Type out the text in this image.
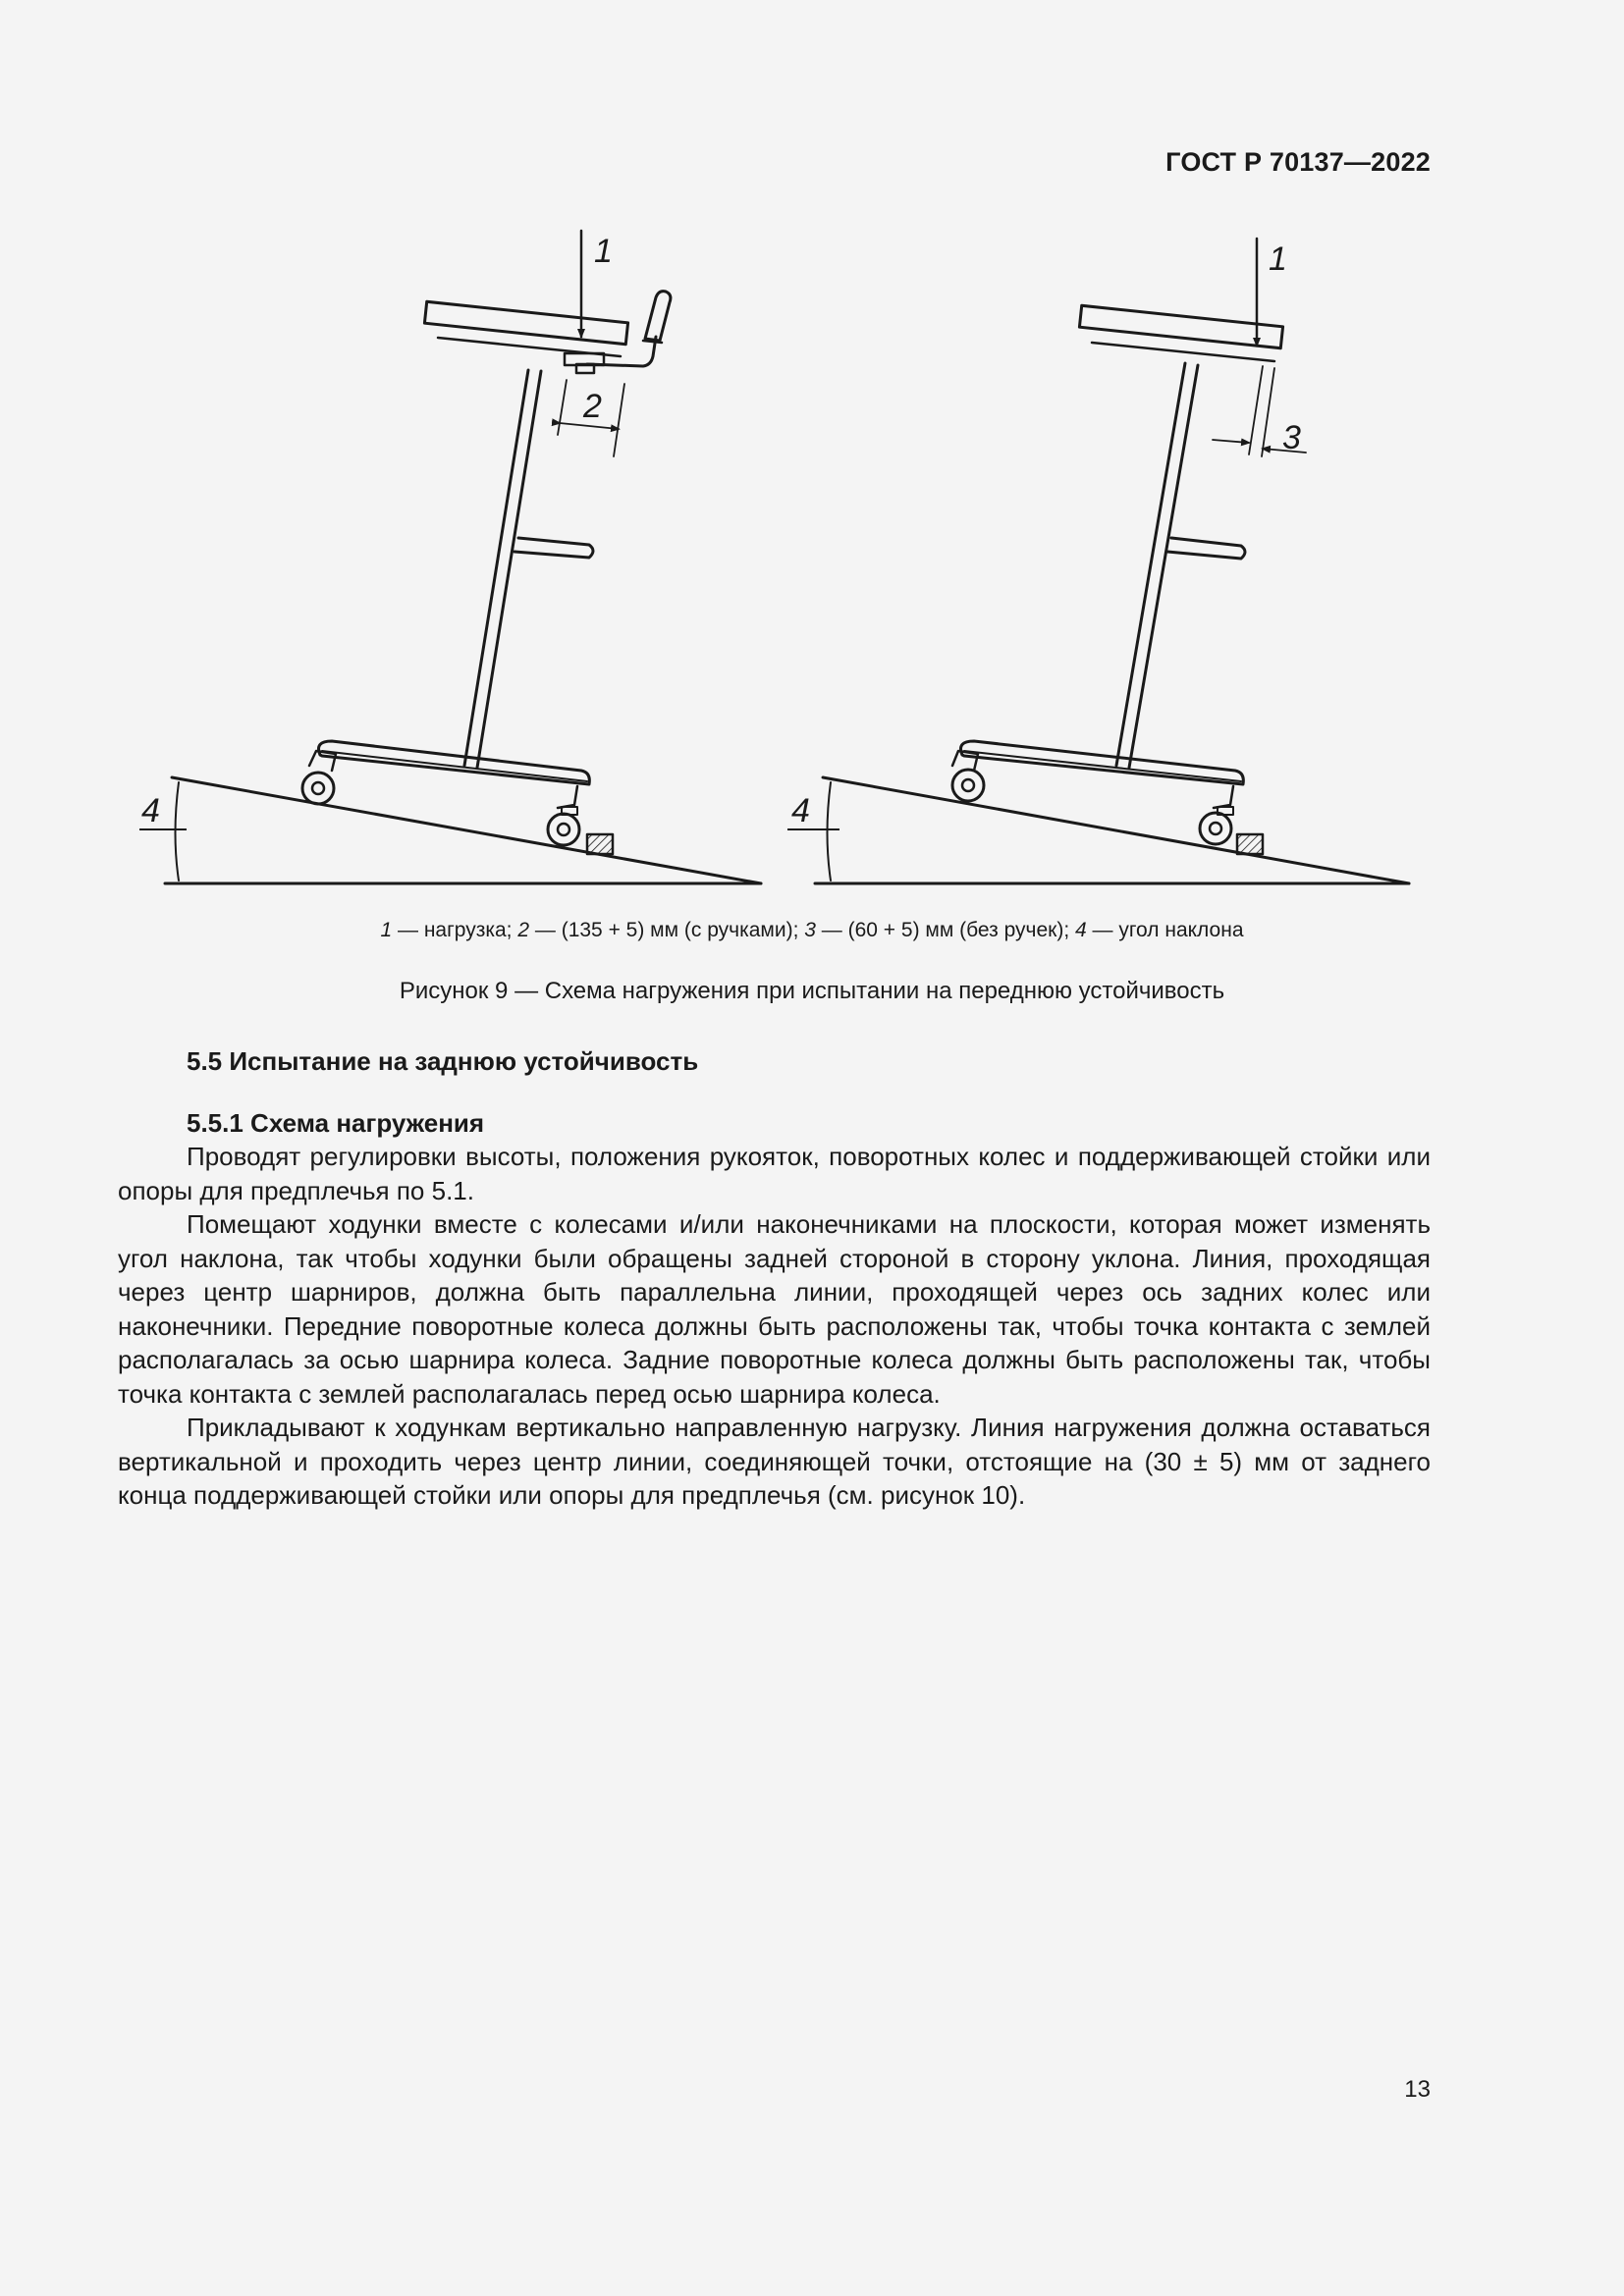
ГОСТ Р 70137—2022
1
2
4
1
3
4
1 — нагрузка; 2 — (135 + 5) мм (с ручками); 3 — (60 + 5) мм (без ручек); 4 — угол наклона
Рисунок 9 — Схема нагружения при испытании на переднюю устойчивость
5.5 Испытание на заднюю устойчивость
5.5.1 Схема нагружения

Проводят регулировки высоты, положения рукояток, поворотных колес и поддерживающей стойки или опоры для предплечья по 5.1.

Помещают ходунки вместе с колесами и/или наконечниками на плоскости, которая может изменять угол наклона, так чтобы ходунки были обращены задней стороной в сторону уклона. Линия, проходящая через центр шарниров, должна быть параллельна линии, проходящей через ось задних колес или наконечники. Передние поворотные колеса должны быть расположены так, чтобы точка контакта с землей располагалась за осью шарнира колеса. Задние поворотные колеса должны быть расположены так, чтобы точка контакта с землей располагалась перед осью шарнира колеса.

Прикладывают к ходункам вертикально направленную нагрузку. Линия нагружения должна оставаться вертикальной и проходить через центр линии, соединяющей точки, отстоящие на (30 ± 5) мм от заднего конца поддерживающей стойки или опоры для предплечья (см. рисунок 10).

13
